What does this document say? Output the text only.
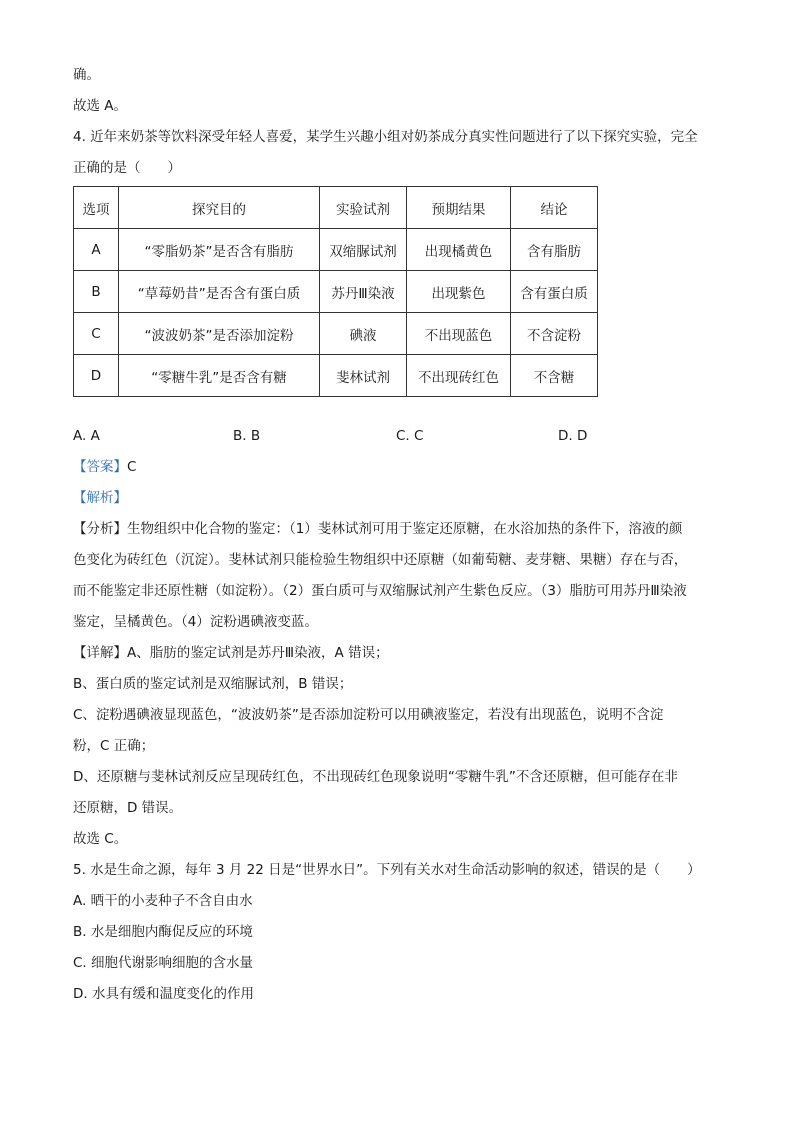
确。
故选 A。
4. 近年来奶茶等饮料深受年轻人喜爱，某学生兴趣小组对奶茶成分真实性问题进行了以下探究实验，完全
正确的是（　　）
选项	探究目的	实验试剂	预期结果	结论
A	“零脂奶茶”是否含有脂肪	双缩脲试剂	出现橘黄色	含有脂肪
B	“草莓奶昔”是否含有蛋白质	苏丹Ⅲ染液	出现紫色	含有蛋白质
C	“波波奶茶”是否添加淀粉	碘液	不出现蓝色	不含淀粉
D	“零糖牛乳”是否含有糖	斐林试剂	不出现砖红色	不含糖
A. A	B. B	C. C	D. D
【答案】C
【解析】
【分析】生物组织中化合物的鉴定：（1）斐林试剂可用于鉴定还原糖，在水浴加热的条件下，溶液的颜
色变化为砖红色（沉淀）。斐林试剂只能检验生物组织中还原糖（如葡萄糖、麦芽糖、果糖）存在与否，
而不能鉴定非还原性糖（如淀粉）。（2）蛋白质可与双缩脲试剂产生紫色反应。（3）脂肪可用苏丹Ⅲ染液
鉴定，呈橘黄色。（4）淀粉遇碘液变蓝。
【详解】A、脂肪的鉴定试剂是苏丹Ⅲ染液，A 错误；
B、蛋白质的鉴定试剂是双缩脲试剂，B 错误；
C、淀粉遇碘液显现蓝色，“波波奶茶”是否添加淀粉可以用碘液鉴定，若没有出现蓝色，说明不含淀
粉，C 正确；
D、还原糖与斐林试剂反应呈现砖红色，不出现砖红色现象说明“零糖牛乳”不含还原糖，但可能存在非
还原糖，D 错误。
故选 C。
5. 水是生命之源，每年 3 月 22 日是“世界水日”。下列有关水对生命活动影响的叙述，错误的是（　　）
A. 晒干的小麦种子不含自由水
B. 水是细胞内酶促反应的环境
C. 细胞代谢影响细胞的含水量
D. 水具有缓和温度变化的作用
